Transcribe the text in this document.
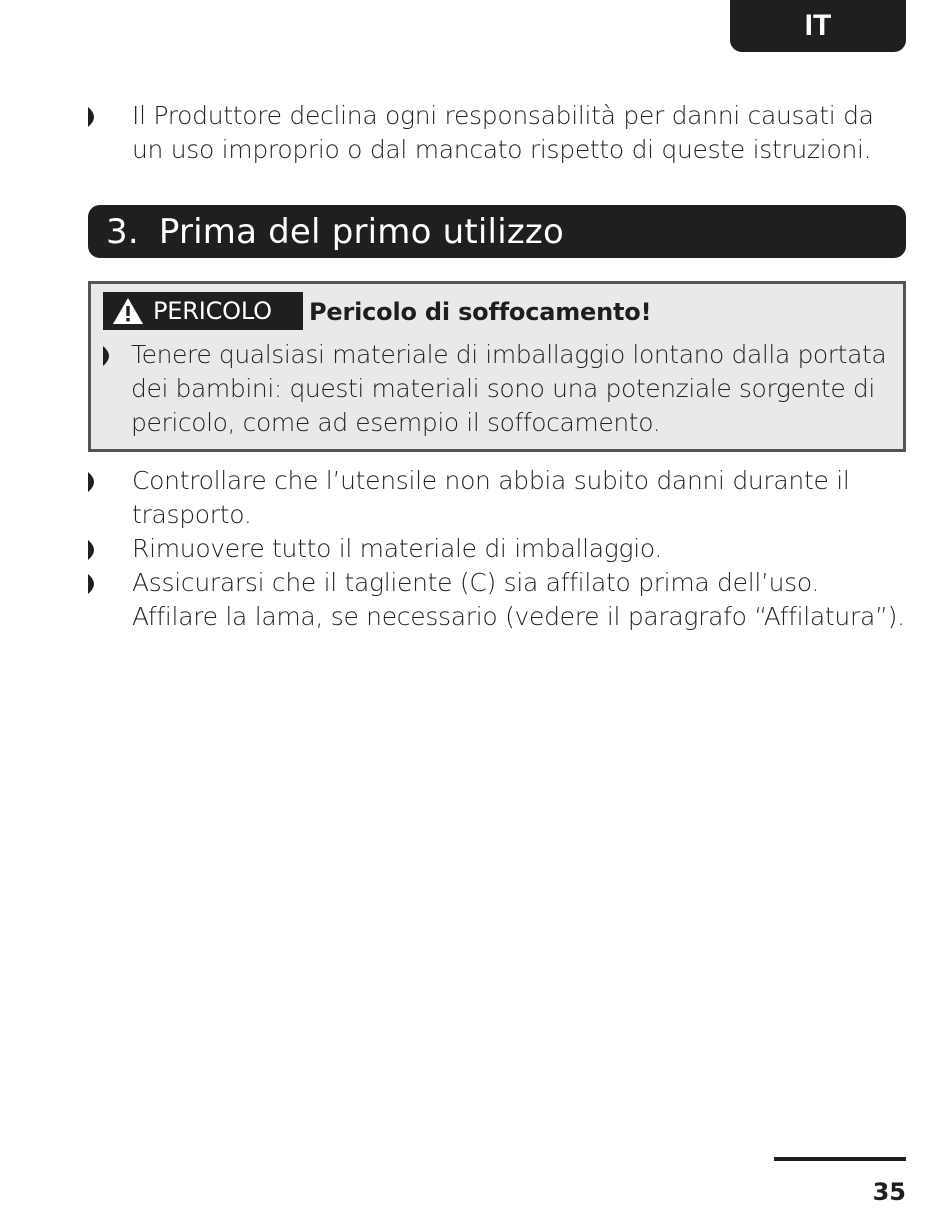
IT
Il Produttore declina ogni responsabilità per danni causati da un uso improprio o dal mancato rispetto di queste istruzioni.
3. Prima del primo utilizzo
PERICOLO Pericolo di soffocamento!
Tenere qualsiasi materiale di imballaggio lontano dalla portata dei bambini: questi materiali sono una potenziale sorgente di pericolo, come ad esempio il soffocamento.
Controllare che l’utensile non abbia subito danni durante il trasporto.
Rimuovere tutto il materiale di imballaggio.
Assicurarsi che il tagliente (C) sia affilato prima dell’uso. Affilare la lama, se necessario (vedere il paragrafo “Affilatura”).
35
